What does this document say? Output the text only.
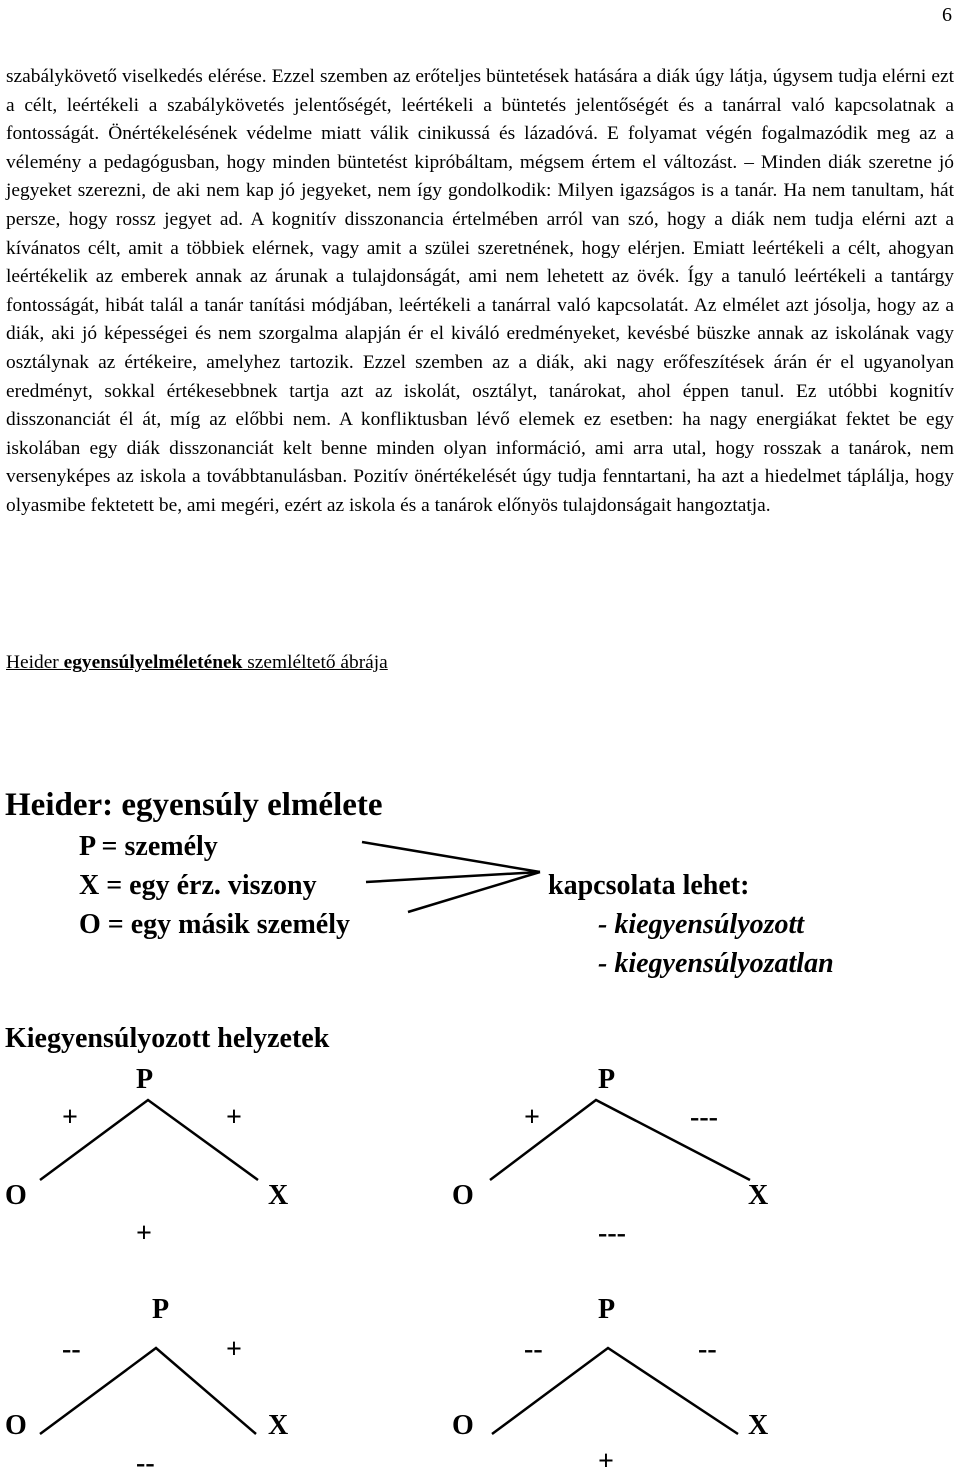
6

szabálykövető viselkedés elérése. Ezzel szemben az erőteljes büntetések hatására a diák úgy látja, úgysem tudja elérni ezt a célt, leértékeli a szabálykövetés jelentőségét, leértékeli a büntetés jelentőségét és a tanárral való kapcsolatnak a fontosságát. Önértékelésének védelme miatt válik cinikussá és lázadóvá. E folyamat végén fogalmazódik meg az a vélemény a pedagógusban, hogy minden büntetést kipróbáltam, mégsem értem el változást. – Minden diák szeretne jó jegyeket szerezni, de aki nem kap jó jegyeket, nem így gondolkodik: Milyen igazságos is a tanár. Ha nem tanultam, hát persze, hogy rossz jegyet ad. A kognitív disszonancia értelmében arról van szó, hogy a diák nem tudja elérni azt a kívánatos célt, amit a többiek elérnek, vagy amit a szülei szeretnének, hogy elérjen. Emiatt leértékeli a célt, ahogyan leértékelik az emberek annak az árunak a tulajdonságát, ami nem lehetett az övék. Így a tanuló leértékeli a tantárgy fontosságát, hibát talál a tanár tanítási módjában, leértékeli a tanárral való kapcsolatát. Az elmélet azt jósolja, hogy az a diák, aki jó képességei és nem szorgalma alapján ér el kiváló eredményeket, kevésbé büszke annak az iskolának vagy osztálynak az értékeire, amelyhez tartozik. Ezzel szemben az a diák, aki nagy erőfeszítések árán ér el ugyanolyan eredményt, sokkal értékesebbnek tartja azt az iskolát, osztályt, tanárokat, ahol éppen tanul. Ez utóbbi kognitív disszonanciát él át, míg az előbbi nem. A konfliktusban lévő elemek ez esetben: ha nagy energiákat fektet be egy iskolában egy diák disszonanciát kelt benne minden olyan információ, ami arra utal, hogy rosszak a tanárok, nem versenyképes az iskola a továbbtanulásban. Pozitív önértékelését úgy tudja fenntartani, ha azt a hiedelmet táplálja, hogy olyasmibe fektetett be, ami megéri, ezért az iskola és a tanárok előnyös tulajdonságait hangoztatja.

Heider egyensúlyelméletének szemléltető ábrája

Heider: egyensúly elmélete
P = személy
X = egy érz. viszony
O = egy másik személy
kapcsolata lehet:
- kiegyensúlyozott
- kiegyensúlyozatlan
Kiegyensúlyozott helyzetek
P
+	+
O	X
+
P
+	---
O	X
---
P
--	+
O	X
--
P
--	--
O	X
+
